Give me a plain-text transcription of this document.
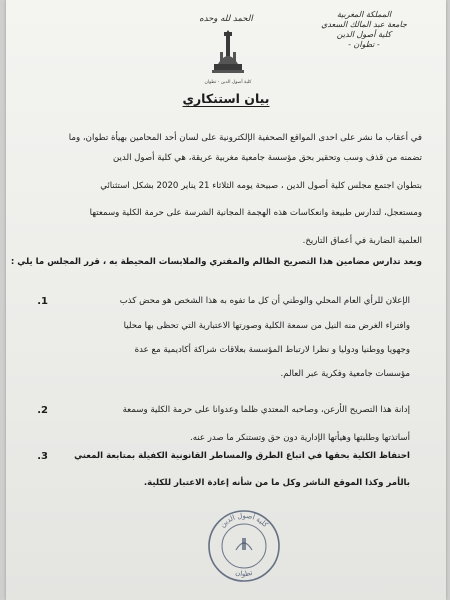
المملكة المغربية
جامعة عبد المالك السعدي
كلية أصول الدين
- تطوان -
الحمد لله وحده
كلية أصول الدين - تطوان
بيان استنكاري
في أعقاب ما نشر على احدى المواقع الصحفية الإلكترونية على لسان أحد المحامين بهيأة تطوان، وما
تضمنه من قذف وسب وتحقير بحق مؤسسة جامعية مغربية عريقة، هي كلية أصول الدين
بتطوان اجتمع مجلس كلية أصول الدين ، صبيحة يومه الثلاثاء 21 يناير 2020 بشكل استثنائي
ومستعجل، لتدارس طبيعة وانعكاسات هذه الهجمة المجانية الشرسة على حرمة الكلية وسمعتها
العلمية الضاربة في أعماق التاريخ.
وبعد تدارس مضامين هذا التصريح الظالم والمفتري والملابسات المحيطة به ، قرر المجلس ما يلي :
1.	الإعلان للرأي العام المحلي والوطني أن كل ما تفوه به هذا الشخص هو محض كذب
وافتراء الغرض منه النيل من سمعة الكلية وصورتها الاعتبارية التي تحظى بها محليا
وجهويا ووطنيا ودوليا و نظرا لارتباط المؤسسة بعلاقات شراكة أكاديمية مع عدة
مؤسسات جامعية وفكرية عبر العالم.
2.	إدانة هذا التصريح الأرعن، وصاحبه المعتدي ظلما وعدوانا على حرمة الكلية وسمعة
أساتذتها وطلبتها وهيأتها الإدارية دون حق وتستنكر ما صدر عنه.
3.	احتفاظ الكلية بحقها في اتباع الطرق والمساطر القانونية الكفيلة بمتابعة المعني
بالأمر وكذا الموقع الناشر وكل ما من شأنه إعادة الاعتبار للكلية.
كلية أصول الدين
تطوان
